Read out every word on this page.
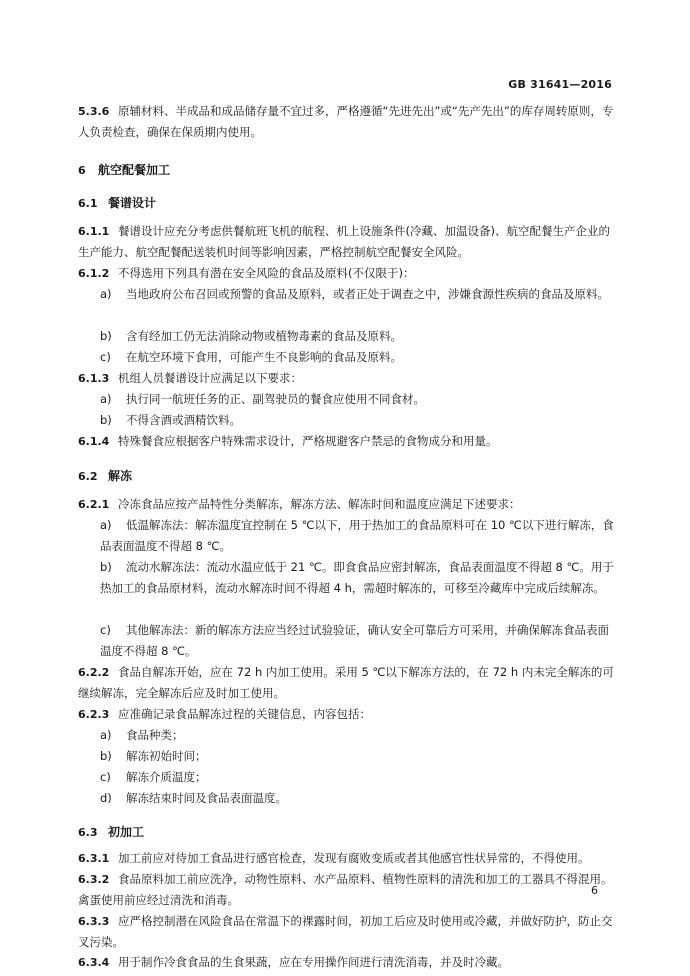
GB 31641—2016
5.3.6 原辅材料、半成品和成品储存量不宜过多，严格遵循“先进先出”或“先产先出”的库存周转原则，专人负责检查，确保在保质期内使用。
6 航空配餐加工
6.1 餐谱设计
6.1.1 餐谱设计应充分考虑供餐航班飞机的航程、机上设施条件(冷藏、加温设备)、航空配餐生产企业的生产能力、航空配餐配送装机时间等影响因素，严格控制航空配餐安全风险。
6.1.2 不得选用下列具有潜在安全风险的食品及原料(不仅限于)：
a) 当地政府公布召回或预警的食品及原料，或者正处于调查之中，涉嫌食源性疾病的食品及原料。
b) 含有经加工仍无法消除动物或植物毒素的食品及原料。
c) 在航空环境下食用，可能产生不良影响的食品及原料。
6.1.3 机组人员餐谱设计应满足以下要求：
a) 执行同一航班任务的正、副驾驶员的餐食应使用不同食材。
b) 不得含酒或酒精饮料。
6.1.4 特殊餐食应根据客户特殊需求设计，严格规避客户禁忌的食物成分和用量。
6.2 解冻
6.2.1 冷冻食品应按产品特性分类解冻，解冻方法、解冻时间和温度应满足下述要求：
a) 低温解冻法：解冻温度宜控制在 5 ℃以下，用于热加工的食品原料可在 10 ℃以下进行解冻，食品表面温度不得超 8 ℃。
b) 流动水解冻法：流动水温应低于 21 ℃。即食食品应密封解冻，食品表面温度不得超 8 ℃。用于热加工的食品原材料，流动水解冻时间不得超 4 h，需超时解冻的，可移至冷藏库中完成后续解冻。
c) 其他解冻法：新的解冻方法应当经过试验验证，确认安全可靠后方可采用，并确保解冻食品表面温度不得超 8 ℃。
6.2.2 食品自解冻开始，应在 72 h 内加工使用。采用 5 ℃以下解冻方法的，在 72 h 内未完全解冻的可继续解冻，完全解冻后应及时加工使用。
6.2.3 应准确记录食品解冻过程的关键信息，内容包括：
a) 食品种类；
b) 解冻初始时间；
c) 解冻介质温度；
d) 解冻结束时间及食品表面温度。
6.3 初加工
6.3.1 加工前应对待加工食品进行感官检查，发现有腐败变质或者其他感官性状异常的，不得使用。
6.3.2 食品原料加工前应洗净，动物性原料、水产品原料、植物性原料的清洗和加工的工器具不得混用。禽蛋使用前应经过清洗和消毒。
6.3.3 应严格控制潜在风险食品在常温下的裸露时间，初加工后应及时使用或冷藏，并做好防护，防止交叉污染。
6.3.4 用于制作冷食食品的生食果蔬，应在专用操作间进行清洗消毒，并及时冷藏。
6
